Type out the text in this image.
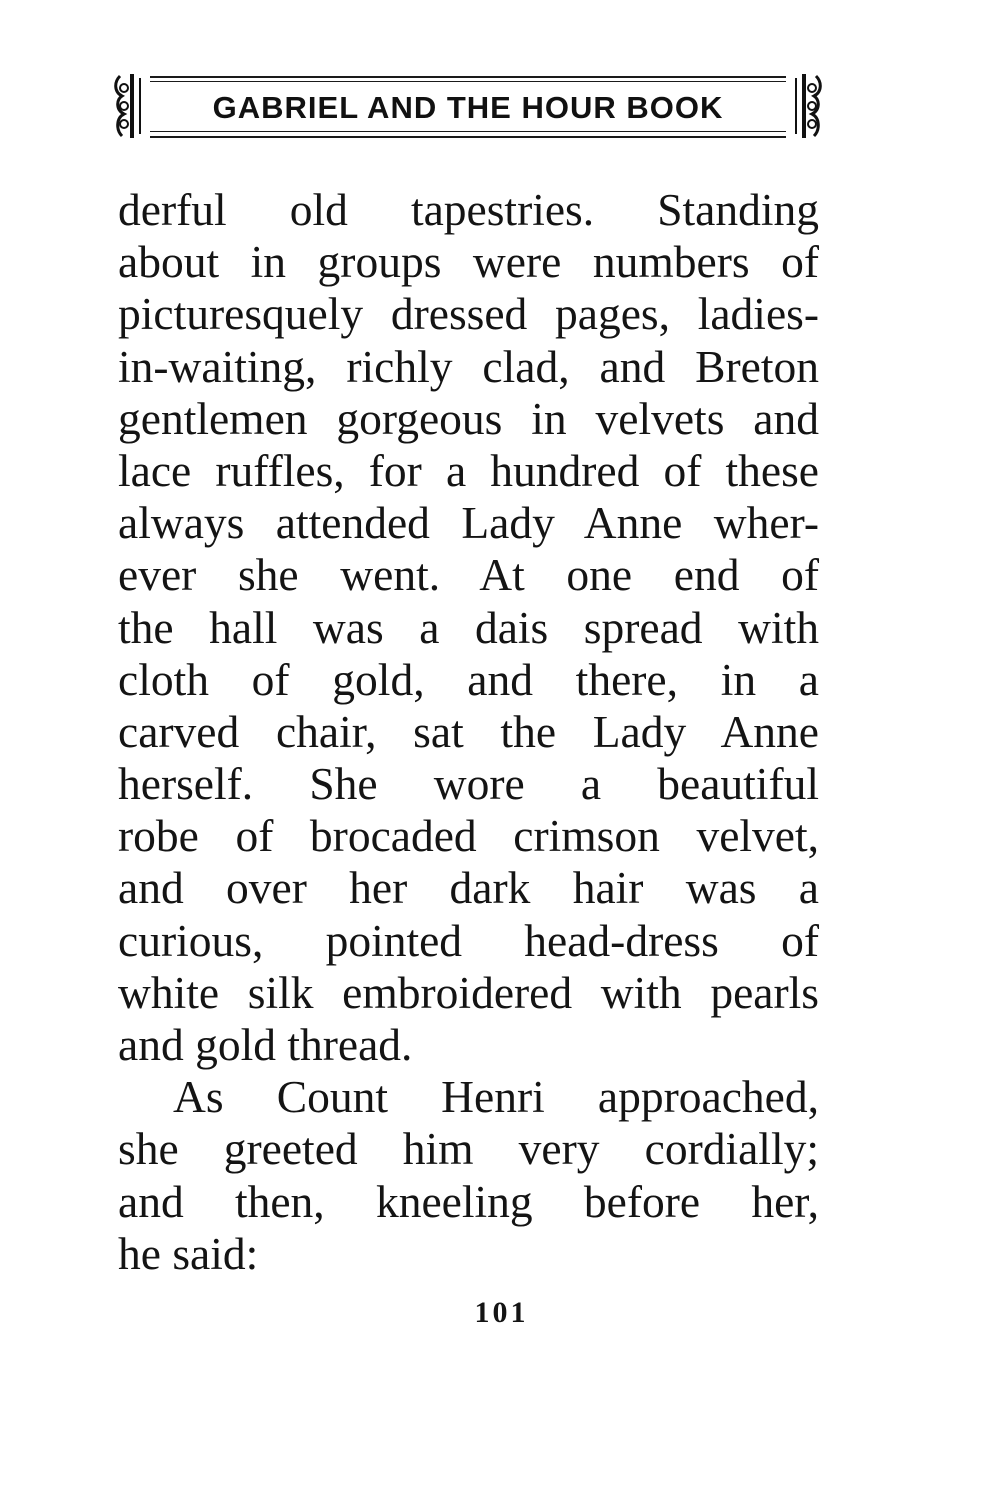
GABRIEL AND THE HOUR BOOK
derful old tapestries. Standing
about in groups were numbers of
picturesquely dressed pages, ladies-
in-waiting, richly clad, and Breton
gentlemen gorgeous in velvets and
lace ruffles, for a hundred of these
always attended Lady Anne wher-
ever she went. At one end of
the hall was a dais spread with
cloth of gold, and there, in a
carved chair, sat the Lady Anne
herself. She wore a beautiful
robe of brocaded crimson velvet,
and over her dark hair was a
curious, pointed head-dress of
white silk embroidered with pearls
and gold thread.
As Count Henri approached,
she greeted him very cordially;
and then, kneeling before her,
he said:
101
